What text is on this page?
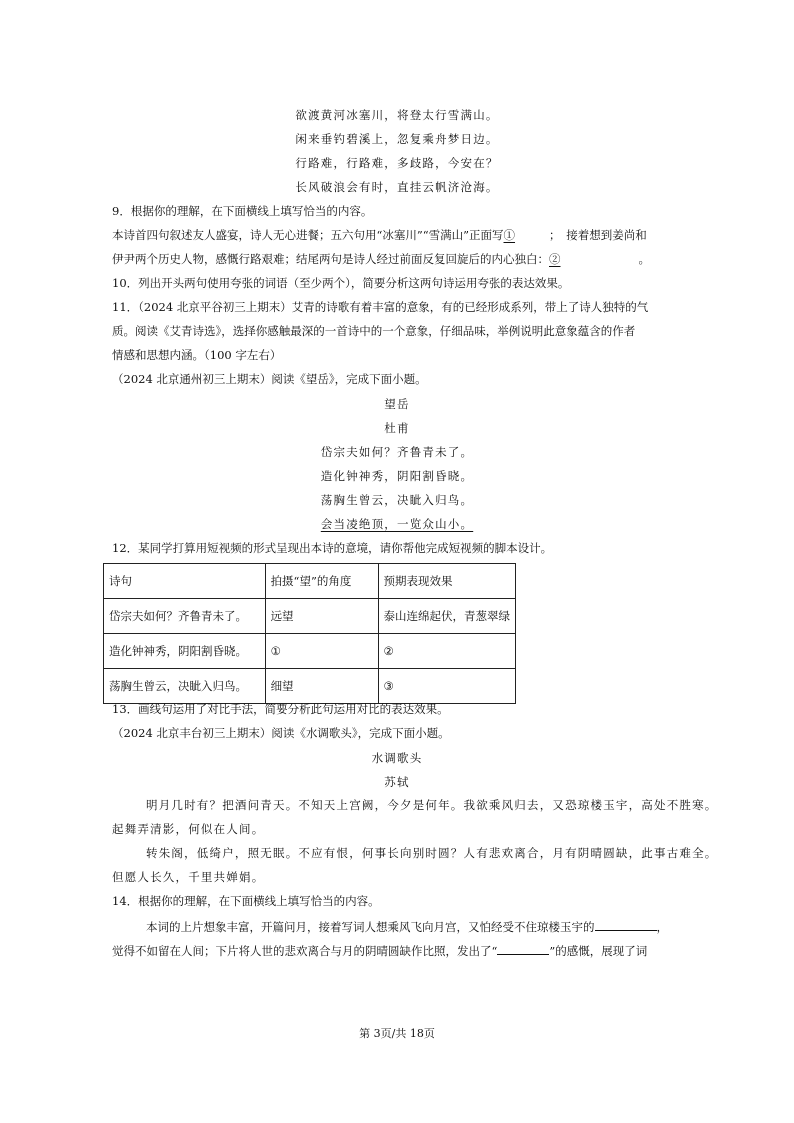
欲渡黄河冰塞川，将登太行雪满山。
闲来垂钓碧溪上，忽复乘舟梦日边。
行路难，行路难，多歧路，今安在？
长风破浪会有时，直挂云帆济沧海。
9．根据你的理解，在下面横线上填写恰当的内容。
本诗首四句叙述友人盛宴，诗人无心进餐；五六句用“冰塞川”“雪满山”正面写①	；　接着想到姜尚和
伊尹两个历史人物，感慨行路艰难；结尾两句是诗人经过前面反复回旋后的内心独白：②	。
10．列出开头两句使用夸张的词语（至少两个），简要分析这两句诗运用夸张的表达效果。
11．（2024 北京平谷初三上期末）艾青的诗歌有着丰富的意象，有的已经形成系列，带上了诗人独特的气
质。阅读《艾青诗选》，选择你感触最深的一首诗中的一个意象，仔细品味，举例说明此意象蕴含的作者
情感和思想内涵。（100 字左右）
（2024 北京通州初三上期末）阅读《望岳》，完成下面小题。
望岳
杜甫
岱宗夫如何？齐鲁青未了。
造化钟神秀，阴阳割昏晓。
荡胸生曾云，决眦入归鸟。
会当凌绝顶，一览众山小。
12．某同学打算用短视频的形式呈现出本诗的意境，请你帮他完成短视频的脚本设计。
诗句	拍摄“望”的角度	预期表现效果
岱宗夫如何？齐鲁青未了。	远望	泰山连绵起伏，青葱翠绿
造化钟神秀，阴阳割昏晓。	①	②
荡胸生曾云，决眦入归鸟。	细望	③
13．画线句运用了对比手法，简要分析此句运用对比的表达效果。
（2024 北京丰台初三上期末）阅读《水调歌头》，完成下面小题。
水调歌头
苏轼
明月几时有？把酒问青天。不知天上宫阙，今夕是何年。我欲乘风归去，又恐琼楼玉宇，高处不胜寒。
起舞弄清影，何似在人间。
转朱阁，低绮户，照无眠。不应有恨，何事长向别时圆？人有悲欢离合，月有阴晴圆缺，此事古难全。
但愿人长久，千里共婵娟。
14．根据你的理解，在下面横线上填写恰当的内容。
本词的上片想象丰富，开篇问月，接着写词人想乘风飞向月宫，又怕经受不住琼楼玉宇的	，
觉得不如留在人间；下片将人世的悲欢离合与月的阴晴圆缺作比照，发出了“	”的感慨，展现了词
第 3页/共 18页
